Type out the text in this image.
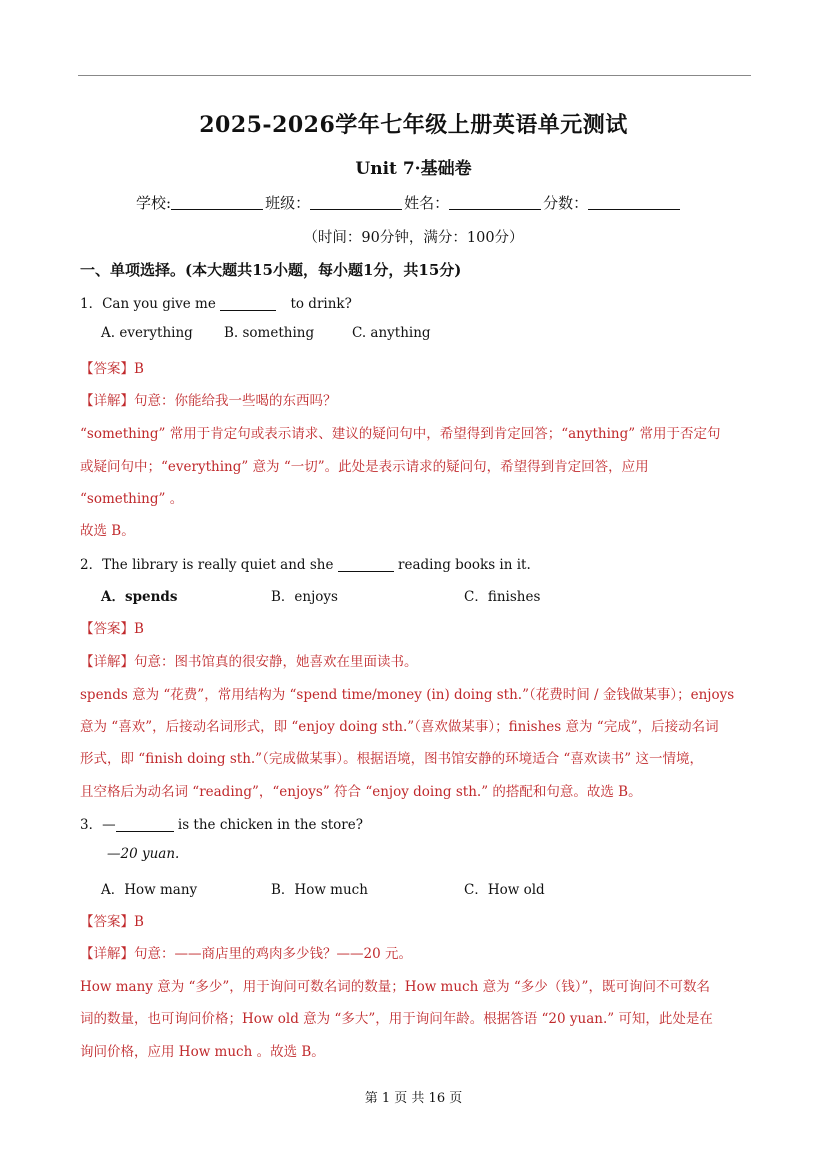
2025-2026学年七年级上册英语单元测试
Unit 7·基础卷
学校:	班级：	姓名：	分数：
（时间：90分钟，满分：100分）
一、单项选择。(本大题共15小题，每小题1分，共15分)
1．Can you give me	to drink?
A. everything B. something	C. anything
【答案】B
【详解】句意：你能给我一些喝的东西吗？
“something” 常用于肯定句或表示请求、建议的疑问句中，希望得到肯定回答；“anything” 常用于否定句
或疑问句中；“everything” 意为 “一切”。此处是表示请求的疑问句，希望得到肯定回答，应用
“something” 。
故选 B。
2．The library is really quiet and she	reading books in it.
A．spends	B．enjoys	C．finishes
【答案】B
【详解】句意：图书馆真的很安静，她喜欢在里面读书。
spends 意为 “花费”，常用结构为 “spend time/money (in) doing sth.”（花费时间 / 金钱做某事）；enjoys
意为 “喜欢”，后接动名词形式，即 “enjoy doing sth.”（喜欢做某事）；finishes 意为 “完成”，后接动名词
形式，即 “finish doing sth.”（完成做某事）。根据语境，图书馆安静的环境适合 “喜欢读书” 这一情境，
且空格后为动名词 “reading”，“enjoys” 符合 “enjoy doing sth.” 的搭配和句意。故选 B。
3．—	is the chicken in the store?
—20 yuan.
A．How many	B．How much	C．How old
【答案】B
【详解】句意：——商店里的鸡肉多少钱？——20 元。
How many 意为 “多少”，用于询问可数名词的数量；How much 意为 “多少（钱）”，既可询问不可数名
词的数量，也可询问价格；How old 意为 “多大”，用于询问年龄。根据答语 “20 yuan.” 可知，此处是在
询问价格，应用 How much 。故选 B。
第 1 页 共 16 页
